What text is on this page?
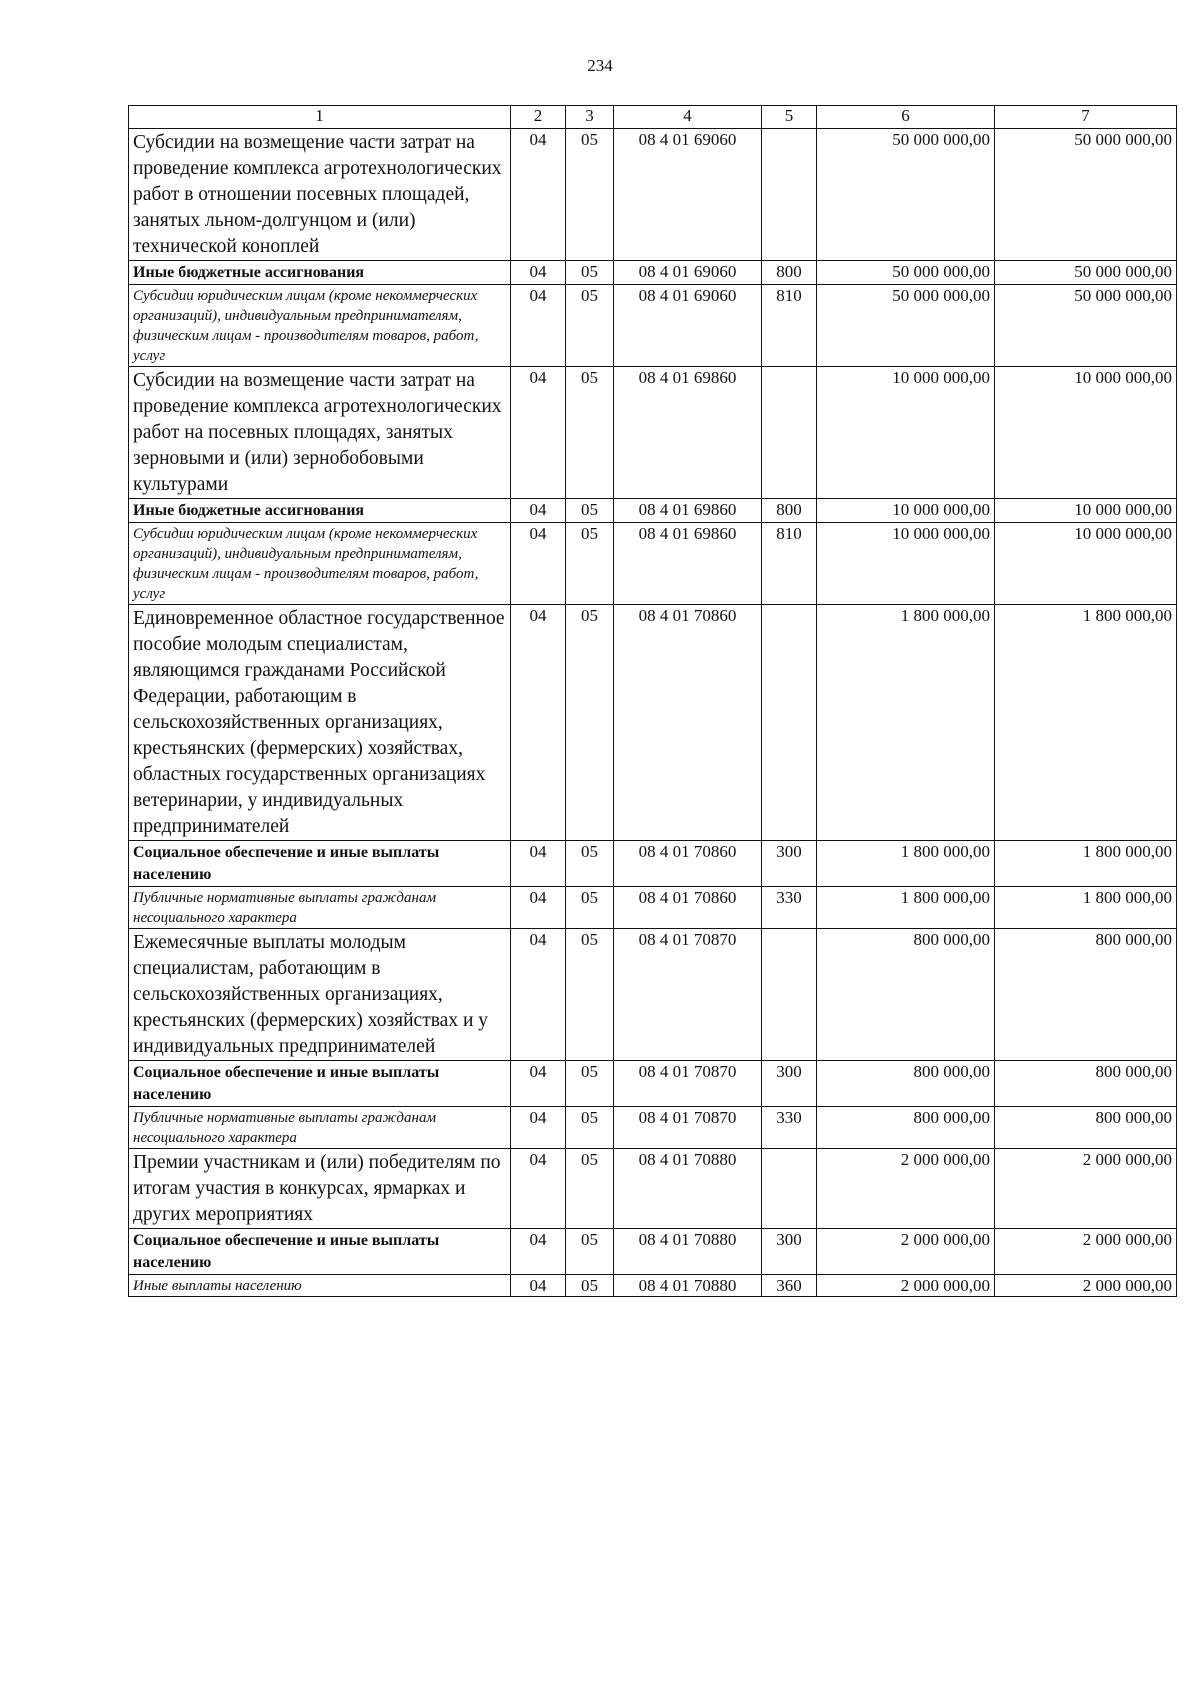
234
1	2	3	4	5	6	7
Субсидии на возмещение части затрат на проведение комплекса агротехнологических работ в отношении посевных площадей, занятых льном-долгунцом и (или) технической коноплей	04	05	08 4 01 69060		50 000 000,00	50 000 000,00
Иные бюджетные ассигнования	04	05	08 4 01 69060	800	50 000 000,00	50 000 000,00
Субсидии юридическим лицам (кроме некоммерческих организаций), индивидуальным предпринимателям, физическим лицам - производителям товаров, работ, услуг	04	05	08 4 01 69060	810	50 000 000,00	50 000 000,00
Субсидии на возмещение части затрат на проведение комплекса агротехнологических работ на посевных площадях, занятых зерновыми и (или) зернобобовыми культурами	04	05	08 4 01 69860		10 000 000,00	10 000 000,00
Иные бюджетные ассигнования	04	05	08 4 01 69860	800	10 000 000,00	10 000 000,00
Субсидии юридическим лицам (кроме некоммерческих организаций), индивидуальным предпринимателям, физическим лицам - производителям товаров, работ, услуг	04	05	08 4 01 69860	810	10 000 000,00	10 000 000,00
Единовременное областное государственное пособие молодым специалистам, являющимся гражданами Российской Федерации, работающим в сельскохозяйственных организациях, крестьянских (фермерских) хозяйствах, областных государственных организациях ветеринарии, у индивидуальных предпринимателей	04	05	08 4 01 70860		1 800 000,00	1 800 000,00
Социальное обеспечение и иные выплаты населению	04	05	08 4 01 70860	300	1 800 000,00	1 800 000,00
Публичные нормативные выплаты гражданам несоциального характера	04	05	08 4 01 70860	330	1 800 000,00	1 800 000,00
Ежемесячные выплаты молодым специалистам, работающим в сельскохозяйственных организациях, крестьянских (фермерских) хозяйствах и у индивидуальных предпринимателей	04	05	08 4 01 70870		800 000,00	800 000,00
Социальное обеспечение и иные выплаты населению	04	05	08 4 01 70870	300	800 000,00	800 000,00
Публичные нормативные выплаты гражданам несоциального характера	04	05	08 4 01 70870	330	800 000,00	800 000,00
Премии участникам и (или) победителям по итогам участия в конкурсах, ярмарках и других мероприятиях	04	05	08 4 01 70880		2 000 000,00	2 000 000,00
Социальное обеспечение и иные выплаты населению	04	05	08 4 01 70880	300	2 000 000,00	2 000 000,00
Иные выплаты населению	04	05	08 4 01 70880	360	2 000 000,00	2 000 000,00
